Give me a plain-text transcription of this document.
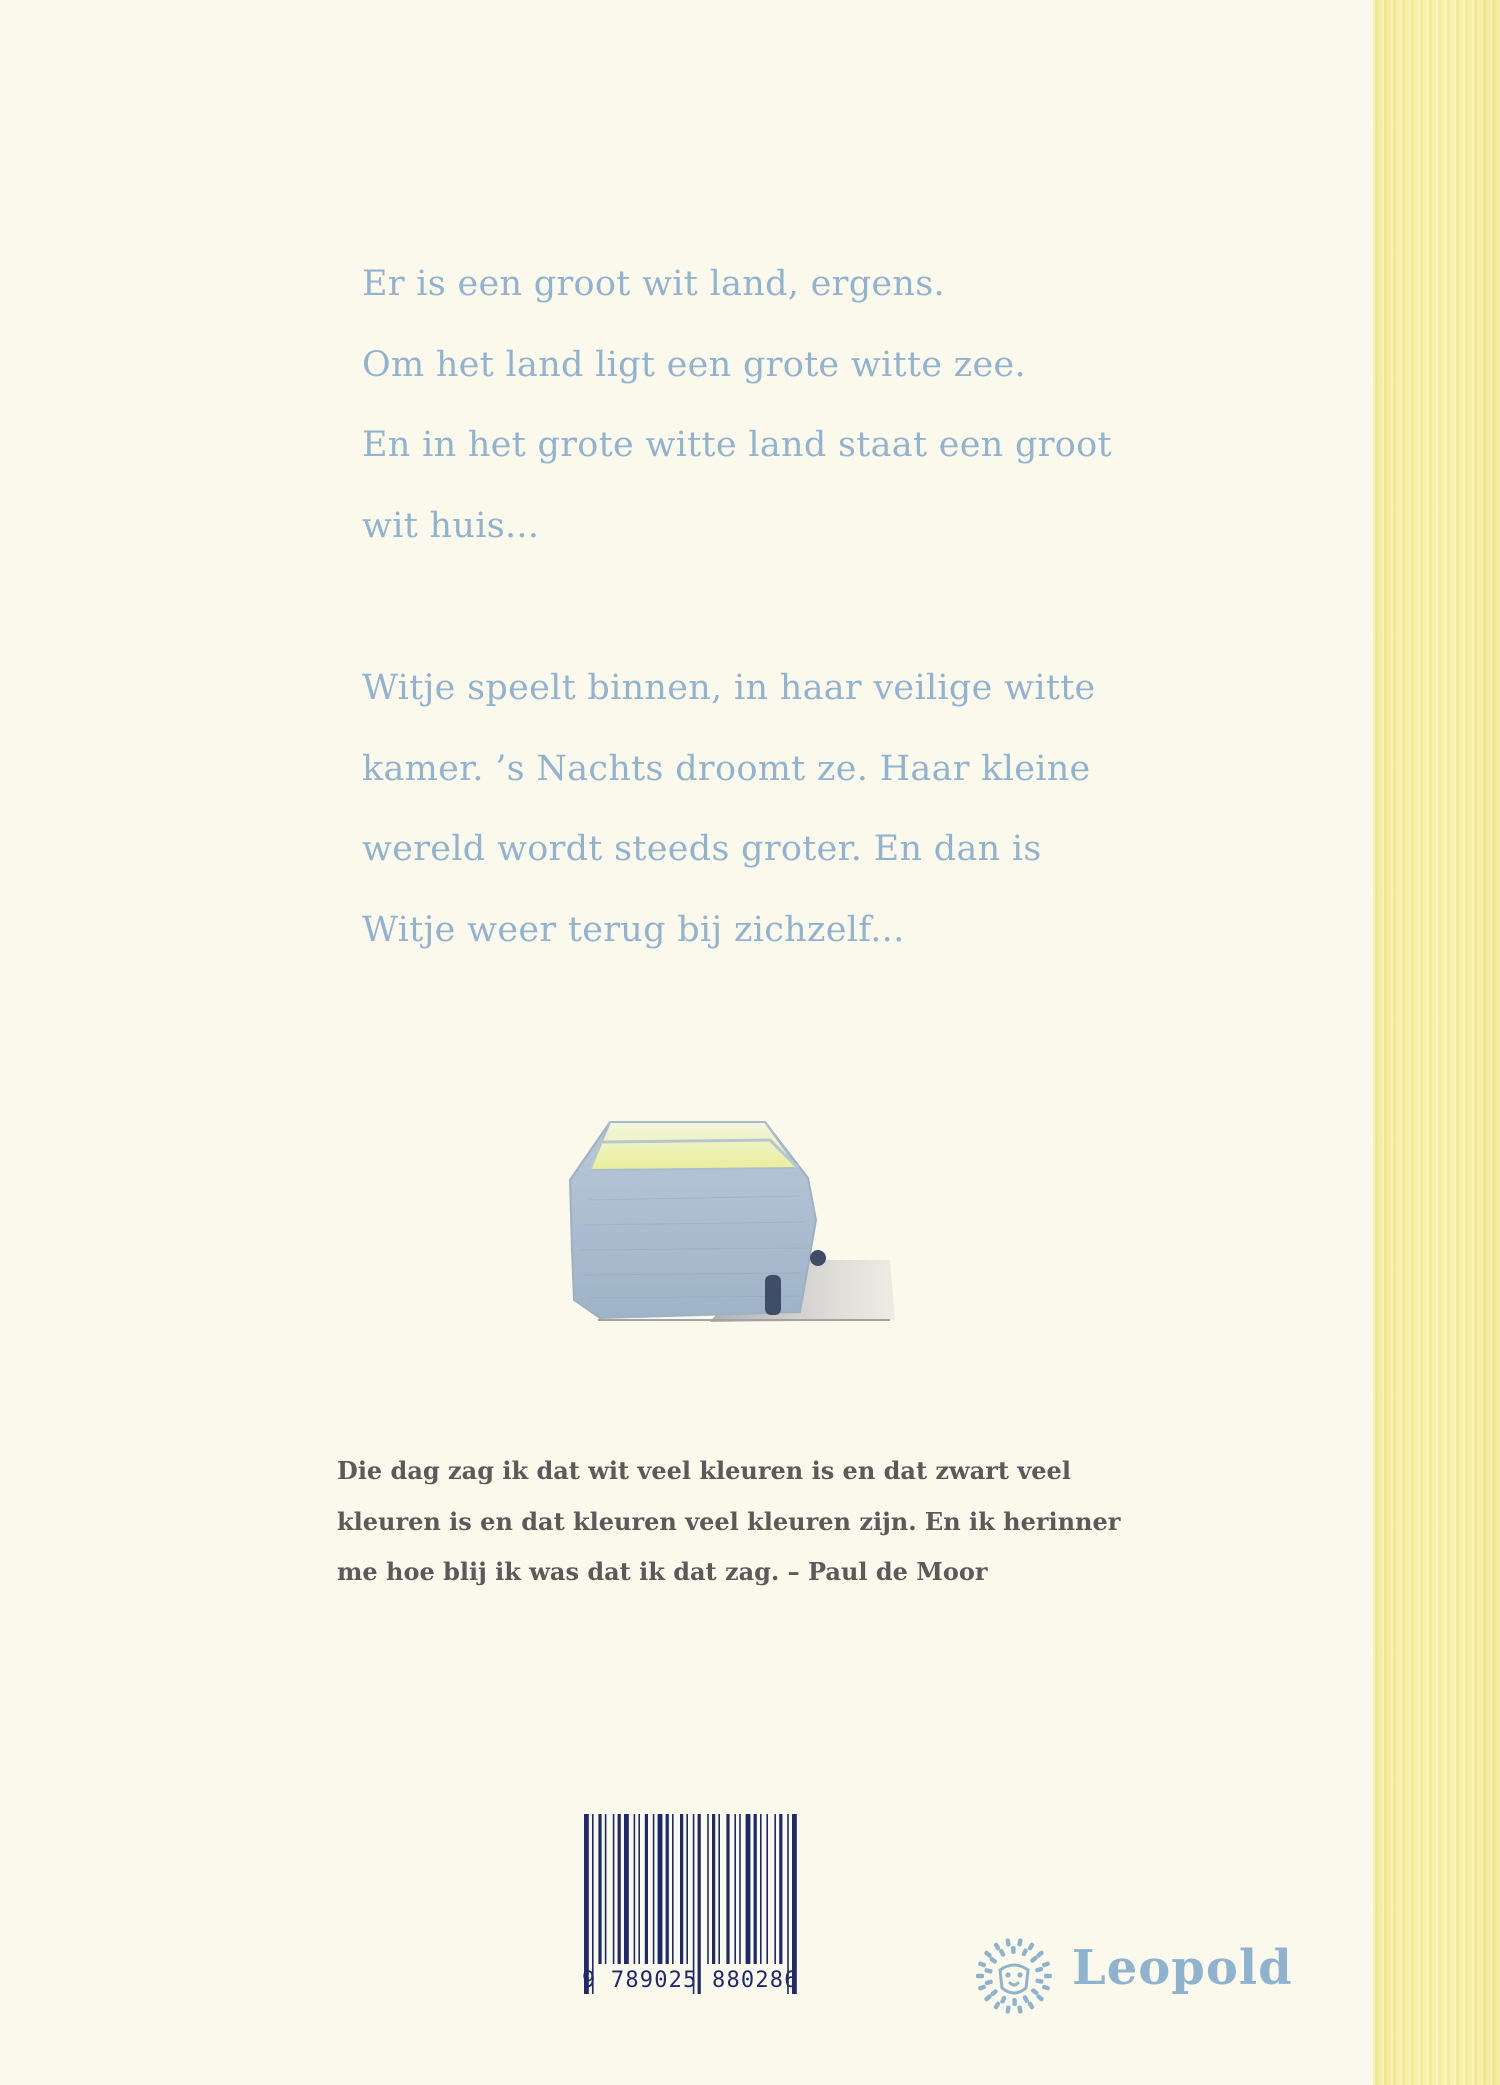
Er is een groot wit land, ergens.
Om het land ligt een grote witte zee.
En in het grote witte land staat een groot
wit huis...
Witje speelt binnen, in haar veilige witte
kamer. ’s Nachts droomt ze. Haar kleine
wereld wordt steeds groter. En dan is
Witje weer terug bij zichzelf...
Die dag zag ik dat wit veel kleuren is en dat zwart veel
kleuren is en dat kleuren veel kleuren zijn. En ik herinner
me hoe blij ik was dat ik dat zag. – Paul de Moor
9 789025 880286	Leopold
